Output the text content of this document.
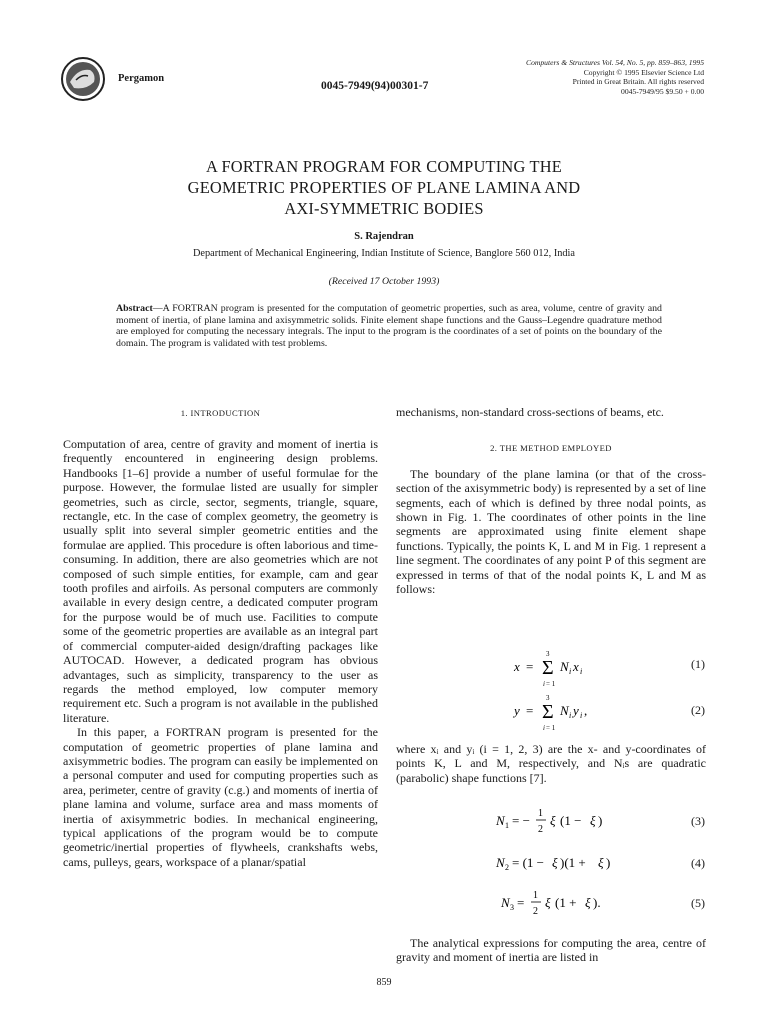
Pergamon
0045-7949(94)00301-7
Computers & Structures Vol. 54, No. 5, pp. 859–863, 1995
Copyright © 1995 Elsevier Science Ltd
Printed in Great Britain. All rights reserved
0045-7949/95 $9.50 + 0.00
A FORTRAN PROGRAM FOR COMPUTING THE
GEOMETRIC PROPERTIES OF PLANE LAMINA AND
AXI-SYMMETRIC BODIES
S. Rajendran
Department of Mechanical Engineering, Indian Institute of Science, Banglore 560 012, India
(Received 17 October 1993)
Abstract—A FORTRAN program is presented for the computation of geometric properties, such as area, volume, centre of gravity and moment of inertia, of plane lamina and axisymmetric solids. Finite element shape functions and the Gauss–Legendre quadrature method are employed for computing the necessary integrals. The input to the program is the coordinates of a set of points on the boundary of the domain. The program is validated with test problems.
1. INTRODUCTION

Computation of area, centre of gravity and moment of inertia is frequently encountered in engineering design problems. Handbooks [1–6] provide a number of useful formulae for the purpose. However, the formulae listed are usually for simpler geometries, such as circle, sector, segments, triangle, square, rectangle, etc. In the case of complex geometry, the geometry is usually split into several simpler geometric entities and the formulae are applied. This procedure is often laborious and time-consuming. In addition, there are also geometries which are not composed of such simple entities, for example, cam and gear tooth profiles and airfoils. As personal computers are commonly available in every design centre, a dedicated computer program for the purpose would be of much use. Facilities to compute some of the geometric properties are available as an integral part of commercial computer-aided design/drafting packages like AUTOCAD. However, a dedicated program has obvious advantages, such as simplicity, transparency to the user as regards the method employed, low computer memory requirement etc. Such a program is not available in the published literature.

In this paper, a FORTRAN program is presented for the computation of geometric properties of plane lamina and axisymmetric bodies. The program can easily be implemented on a personal computer and used for computing properties such as area, perimeter, centre of gravity (c.g.) and moments of inertia of plane lamina and volume, surface area and mass moments of inertia of axisymmetric bodies. In mechanical engineering, typical applications of the program would be to compute geometric/inertial properties of flywheels, crankshafts webs, cams, pulleys, gears, workspace of a planar/spatial

mechanisms, non-standard cross-sections of beams, etc.

2. THE METHOD EMPLOYED

The boundary of the plane lamina (or that of the cross-section of the axisymmetric body) is represented by a set of line segments, each of which is defined by three nodal points, as shown in Fig. 1. The coordinates of other points in the line segments are approximated using finite element shape functions. Typically, the points K, L and M in Fig. 1 represent a line segment. The coordinates of any point P of this segment are expressed in terms of that of the nodal points K, L and M as follows:

x = Σ
3
i = 1
N i x i
(1)
y = Σ
3
i = 1
N i y i ,	(2)
where xᵢ and yᵢ (i = 1, 2, 3) are the x- and y-coordinates of points K, L and M, respectively, and Nᵢs are quadratic (parabolic) shape functions [7].
N 1 = − 1
2
ξ (1 − ξ )	(3)
N 2 = (1 − ξ )(1 + ξ )	(4)
N 3 = 1
2
ξ (1 + ξ ).	(5)
The analytical expressions for computing the area, centre of gravity and moment of inertia are listed in
859
